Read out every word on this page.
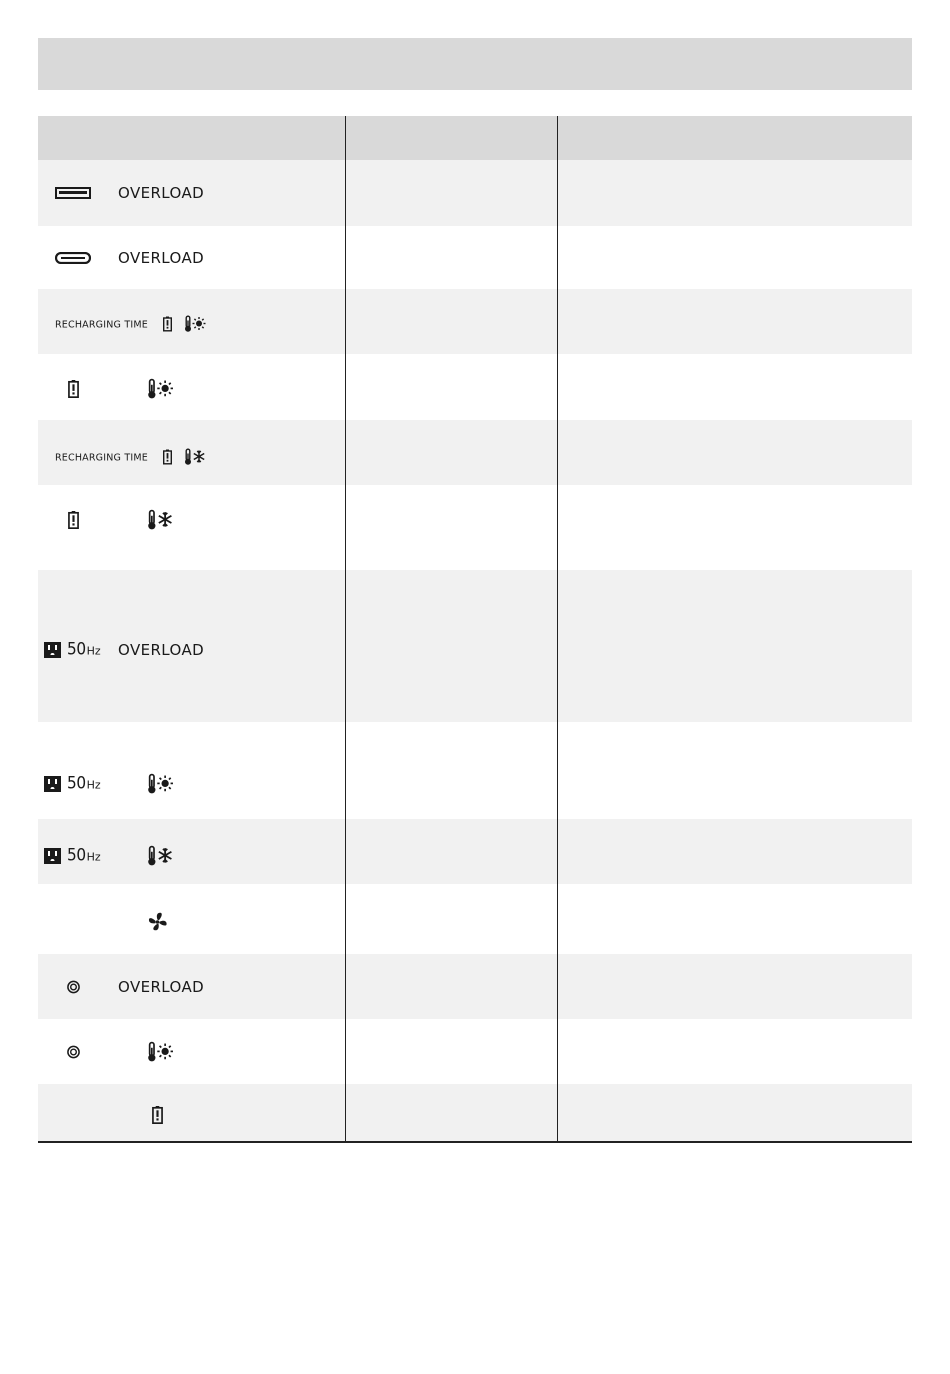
OVERLOAD
OVERLOAD
RECHARGING TIME
RECHARGING TIME
50Hz OVERLOAD
50Hz
50Hz
OVERLOAD
